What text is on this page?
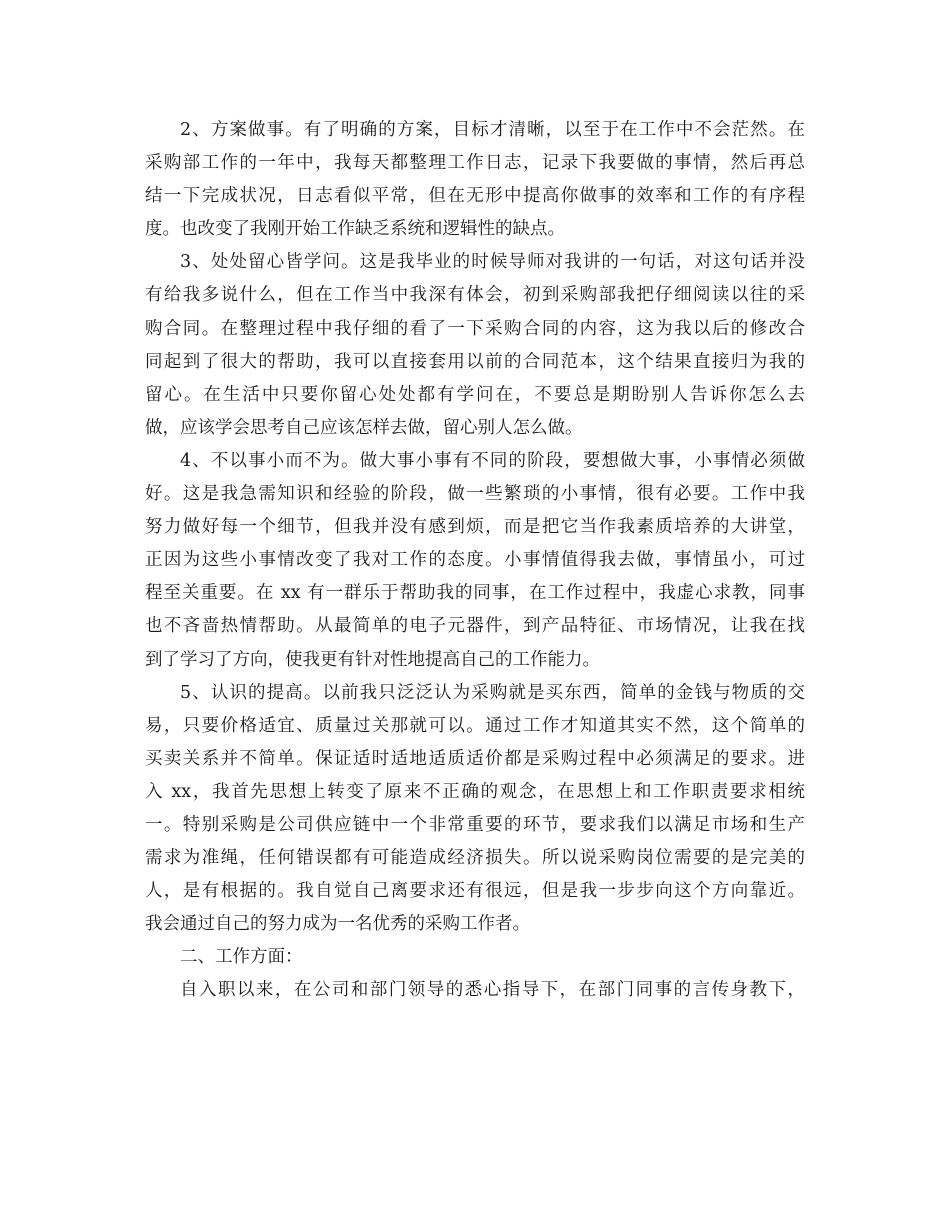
2、方案做事。有了明确的方案，目标才清晰，以至于在工作中不会茫然。在
采购部工作的一年中，我每天都整理工作日志，记录下我要做的事情，然后再总
结一下完成状况，日志看似平常，但在无形中提高你做事的效率和工作的有序程
度。也改变了我刚开始工作缺乏系统和逻辑性的缺点。

3、处处留心皆学问。这是我毕业的时候导师对我讲的一句话，对这句话并没
有给我多说什么，但在工作当中我深有体会，初到采购部我把仔细阅读以往的采
购合同。在整理过程中我仔细的看了一下采购合同的内容，这为我以后的修改合
同起到了很大的帮助，我可以直接套用以前的合同范本，这个结果直接归为我的
留心。在生活中只要你留心处处都有学问在，不要总是期盼别人告诉你怎么去
做，应该学会思考自己应该怎样去做，留心别人怎么做。

4、不以事小而不为。做大事小事有不同的阶段，要想做大事，小事情必须做
好。这是我急需知识和经验的阶段，做一些繁琐的小事情，很有必要。工作中我
努力做好每一个细节，但我并没有感到烦，而是把它当作我素质培养的大讲堂，
正因为这些小事情改变了我对工作的态度。小事情值得我去做，事情虽小，可过
程至关重要。在 xx 有一群乐于帮助我的同事，在工作过程中，我虚心求教，同事
也不吝啬热情帮助。从最简单的电子元器件，到产品特征、市场情况，让我在找
到了学习了方向，使我更有针对性地提高自己的工作能力。

5、认识的提高。以前我只泛泛认为采购就是买东西，简单的金钱与物质的交
易，只要价格适宜、质量过关那就可以。通过工作才知道其实不然，这个简单的
买卖关系并不简单。保证适时适地适质适价都是采购过程中必须满足的要求。进
入 xx，我首先思想上转变了原来不正确的观念，在思想上和工作职责要求相统
一。特别采购是公司供应链中一个非常重要的环节，要求我们以满足市场和生产
需求为准绳，任何错误都有可能造成经济损失。所以说采购岗位需要的是完美的
人，是有根据的。我自觉自己离要求还有很远，但是我一步步向这个方向靠近。
我会通过自己的努力成为一名优秀的采购工作者。

二、工作方面：

自入职以来，在公司和部门领导的悉心指导下，在部门同事的言传身教下，
